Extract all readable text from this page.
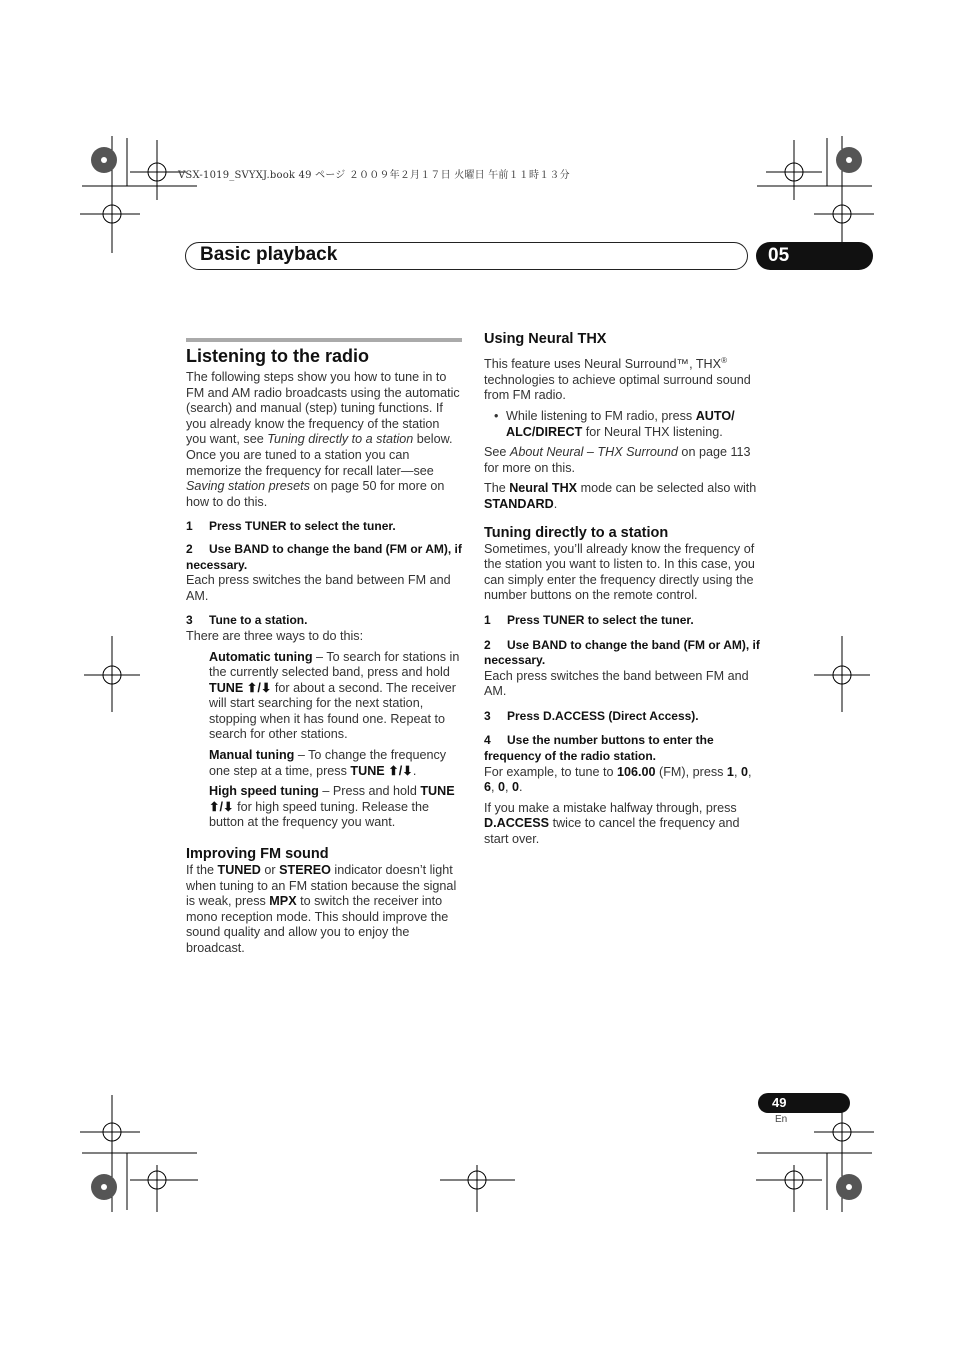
VSX-1019_SVYXJ.book 49 ページ ２００９年２月１７日 火曜日 午前１１時１３分
Basic playback	05
Listening to the radio

The following steps show you how to tune in to FM and AM radio broadcasts using the automatic (search) and manual (step) tuning functions. If you already know the frequency of the station you want, see Tuning directly to a station below. Once you are tuned to a station you can memorize the frequency for recall later—see Saving station presets on page 50 for more on how to do this.

1 Press TUNER to select the tuner.

2 Use BAND to change the band (FM or AM), if necessary.

Each press switches the band between FM and AM.

3 Tune to a station.

There are three ways to do this:

Automatic tuning – To search for stations in the currently selected band, press and hold TUNE ⬆/⬇ for about a second. The receiver will start searching for the next station, stopping when it has found one. Repeat to search for other stations.

Manual tuning – To change the frequency one step at a time, press TUNE ⬆/⬇.

High speed tuning – Press and hold TUNE ⬆/⬇ for high speed tuning. Release the button at the frequency you want.

Improving FM sound

If the TUNED or STEREO indicator doesn’t light when tuning to an FM station because the signal is weak, press MPX to switch the receiver into mono reception mode. This should improve the sound quality and allow you to enjoy the broadcast.

Using Neural THX

This feature uses Neural Surround™, THX® technologies to achieve optimal surround sound from FM radio.

• While listening to FM radio, press AUTO/ ALC/DIRECT for Neural THX listening.

See About Neural – THX Surround on page 113 for more on this.

The Neural THX mode can be selected also with STANDARD.

Tuning directly to a station

Sometimes, you’ll already know the frequency of the station you want to listen to. In this case, you can simply enter the frequency directly using the number buttons on the remote control.

1 Press TUNER to select the tuner.

2 Use BAND to change the band (FM or AM), if necessary.

Each press switches the band between FM and AM.

3 Press D.ACCESS (Direct Access).

4 Use the number buttons to enter the frequency of the radio station.

For example, to tune to 106.00 (FM), press 1, 0, 6, 0, 0.

If you make a mistake halfway through, press D.ACCESS twice to cancel the frequency and start over.

49
En
